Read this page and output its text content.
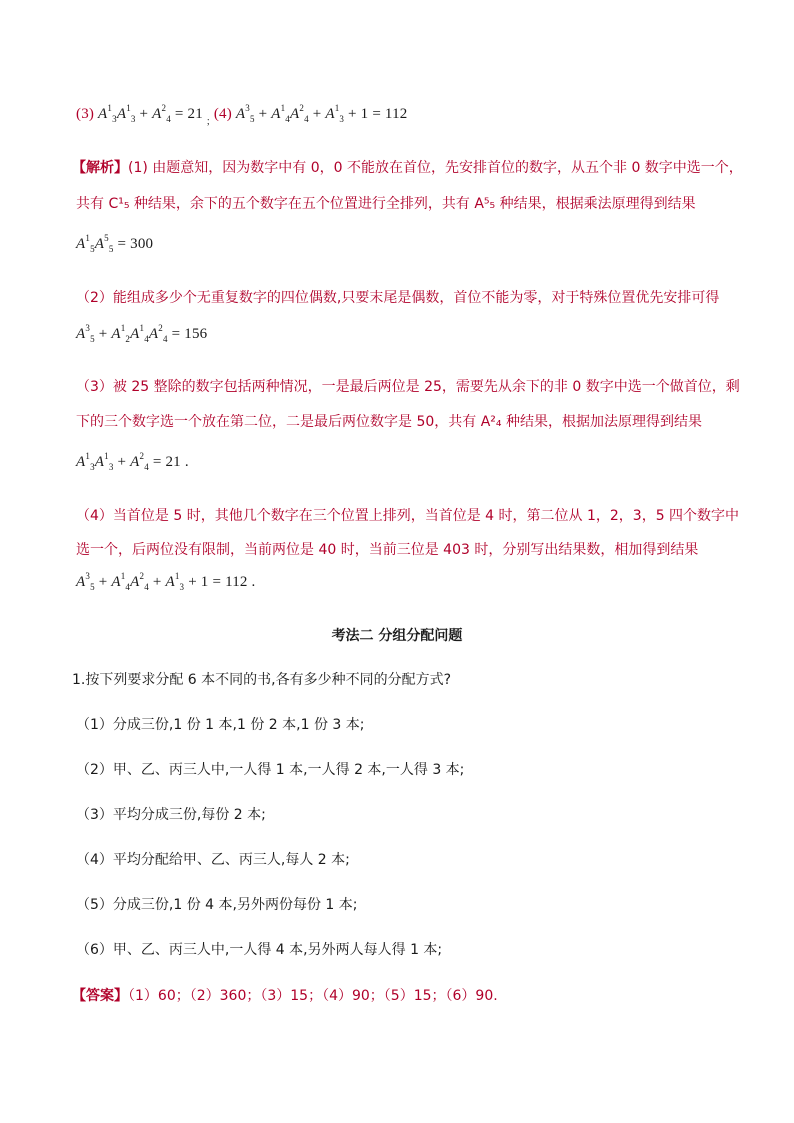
(3) $A^1_3A^1_3 + A^2_4 = 21$ $_;$ (4) $A^3_5 + A^1_4A^2_4 + A^1_3 + 1 = 112$
【解析】(1) 由题意知，因为数字中有 0，0 不能放在首位，先安排首位的数字，从五个非 0 数字中选一个，
共有 C¹₅ 种结果，余下的五个数字在五个位置进行全排列，共有 A⁵₅ 种结果，根据乘法原理得到结果
$A^1_5A^5_5 = 300$
（2）能组成多少个无重复数字的四位偶数,只要末尾是偶数，首位不能为零，对于特殊位置优先安排可得
$A^3_5 + A^1_2A^1_4A^2_4 = 156$
（3）被 25 整除的数字包括两种情况，一是最后两位是 25，需要先从余下的非 0 数字中选一个做首位，剩
下的三个数字选一个放在第二位，二是最后两位数字是 50，共有 A²₄ 种结果，根据加法原理得到结果
$A^1_3A^1_3 + A^2_4 = 21$ .
（4）当首位是 5 时，其他几个数字在三个位置上排列，当首位是 4 时，第二位从 1，2，3，5 四个数字中
选一个，后两位没有限制，当前两位是 40 时，当前三位是 403 时，分别写出结果数，相加得到结果
$A^3_5 + A^1_4A^2_4 + A^1_3 + 1 = 112$ .
考法二 分组分配问题
1.按下列要求分配 6 本不同的书,各有多少种不同的分配方式?
（1）分成三份,1 份 1 本,1 份 2 本,1 份 3 本;
（2）甲、乙、丙三人中,一人得 1 本,一人得 2 本,一人得 3 本;
（3）平均分成三份,每份 2 本;
（4）平均分配给甲、乙、丙三人,每人 2 本;
（5）分成三份,1 份 4 本,另外两份每份 1 本;
（6）甲、乙、丙三人中,一人得 4 本,另外两人每人得 1 本;
【答案】（1）60；（2）360；（3）15；（4）90；（5）15；（6）90.
